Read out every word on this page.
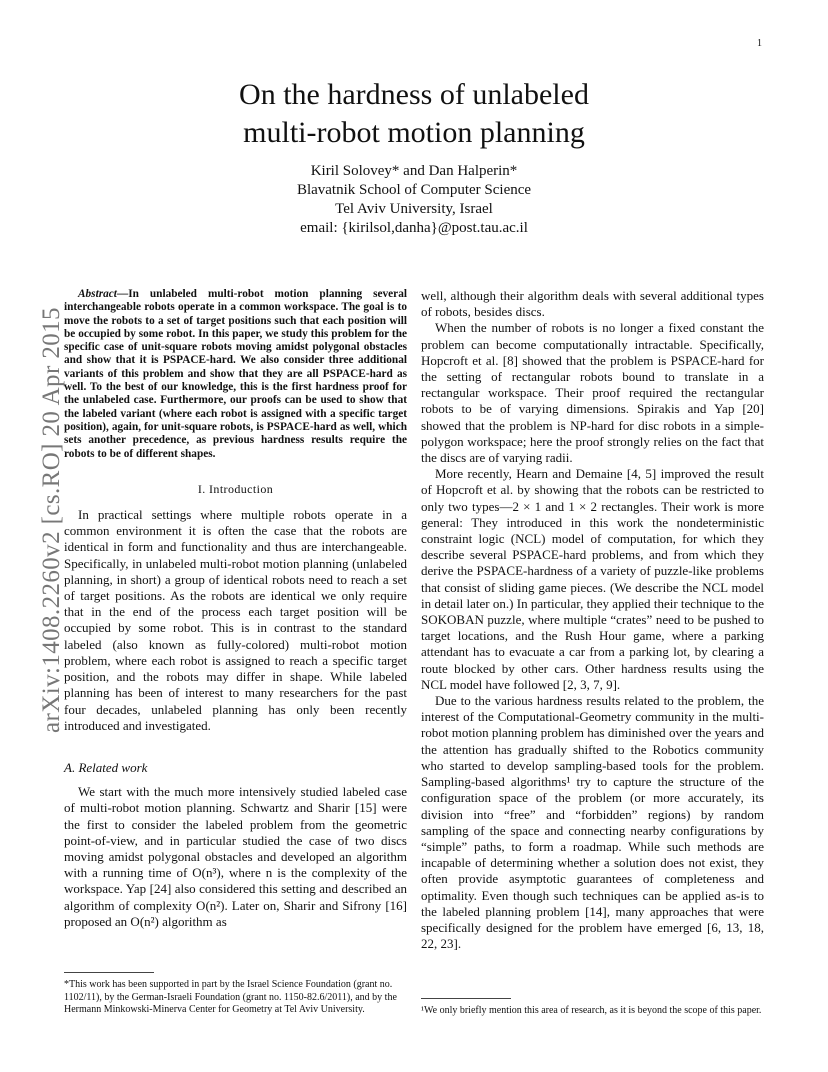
1
arXiv:1408.2260v2 [cs.RO] 20 Apr 2015
On the hardness of unlabeled
multi-robot motion planning
Kiril Solovey* and Dan Halperin*
Blavatnik School of Computer Science
Tel Aviv University, Israel
email: {kirilsol,danha}@post.tau.ac.il

Abstract—In unlabeled multi-robot motion planning several interchangeable robots operate in a common workspace. The goal is to move the robots to a set of target positions such that each position will be occupied by some robot. In this paper, we study this problem for the specific case of unit-square robots moving amidst polygonal obstacles and show that it is PSPACE-hard. We also consider three additional variants of this problem and show that they are all PSPACE-hard as well. To the best of our knowledge, this is the first hardness proof for the unlabeled case. Furthermore, our proofs can be used to show that the labeled variant (where each robot is assigned with a specific target position), again, for unit-square robots, is PSPACE-hard as well, which sets another precedence, as previous hardness results require the robots to be of different shapes.

I. Introduction

In practical settings where multiple robots operate in a common environment it is often the case that the robots are identical in form and functionality and thus are interchangeable. Specifically, in unlabeled multi-robot motion planning (unlabeled planning, in short) a group of identical robots need to reach a set of target positions. As the robots are identical we only require that in the end of the process each target position will be occupied by some robot. This is in contrast to the standard labeled (also known as fully-colored) multi-robot motion problem, where each robot is assigned to reach a specific target position, and the robots may differ in shape. While labeled planning has been of interest to many researchers for the past four decades, unlabeled planning has only been recently introduced and investigated.

A. Related work

We start with the much more intensively studied labeled case of multi-robot motion planning. Schwartz and Sharir [15] were the first to consider the labeled problem from the geometric point-of-view, and in particular studied the case of two discs moving amidst polygonal obstacles and developed an algorithm with a running time of O(n³), where n is the complexity of the workspace. Yap [24] also considered this setting and described an algorithm of complexity O(n²). Later on, Sharir and Sifrony [16] proposed an O(n²) algorithm as

*This work has been supported in part by the Israel Science Foundation (grant no. 1102/11), by the German-Israeli Foundation (grant no. 1150-82.6/2011), and by the Hermann Minkowski-Minerva Center for Geometry at Tel Aviv University.

well, although their algorithm deals with several additional types of robots, besides discs.

When the number of robots is no longer a fixed constant the problem can become computationally intractable. Specifically, Hopcroft et al. [8] showed that the problem is PSPACE-hard for the setting of rectangular robots bound to translate in a rectangular workspace. Their proof required the rectangular robots to be of varying dimensions. Spirakis and Yap [20] showed that the problem is NP-hard for disc robots in a simple-polygon workspace; here the proof strongly relies on the fact that the discs are of varying radii.

More recently, Hearn and Demaine [4, 5] improved the result of Hopcroft et al. by showing that the robots can be restricted to only two types—2 × 1 and 1 × 2 rectangles. Their work is more general: They introduced in this work the nondeterministic constraint logic (NCL) model of computation, for which they describe several PSPACE-hard problems, and from which they derive the PSPACE-hardness of a variety of puzzle-like problems that consist of sliding game pieces. (We describe the NCL model in detail later on.) In particular, they applied their technique to the SOKOBAN puzzle, where multiple “crates” need to be pushed to target locations, and the Rush Hour game, where a parking attendant has to evacuate a car from a parking lot, by clearing a route blocked by other cars. Other hardness results using the NCL model have followed [2, 3, 7, 9].

Due to the various hardness results related to the problem, the interest of the Computational-Geometry community in the multi-robot motion planning problem has diminished over the years and the attention has gradually shifted to the Robotics community who started to develop sampling-based tools for the problem. Sampling-based algorithms¹ try to capture the structure of the configuration space of the problem (or more accurately, its division into “free” and “forbidden” regions) by random sampling of the space and connecting nearby configurations by “simple” paths, to form a roadmap. While such methods are incapable of determining whether a solution does not exist, they often provide asymptotic guarantees of completeness and optimality. Even though such techniques can be applied as-is to the labeled planning problem [14], many approaches that were specifically designed for the problem have emerged [6, 13, 18, 22, 23].

¹We only briefly mention this area of research, as it is beyond the scope of this paper.
